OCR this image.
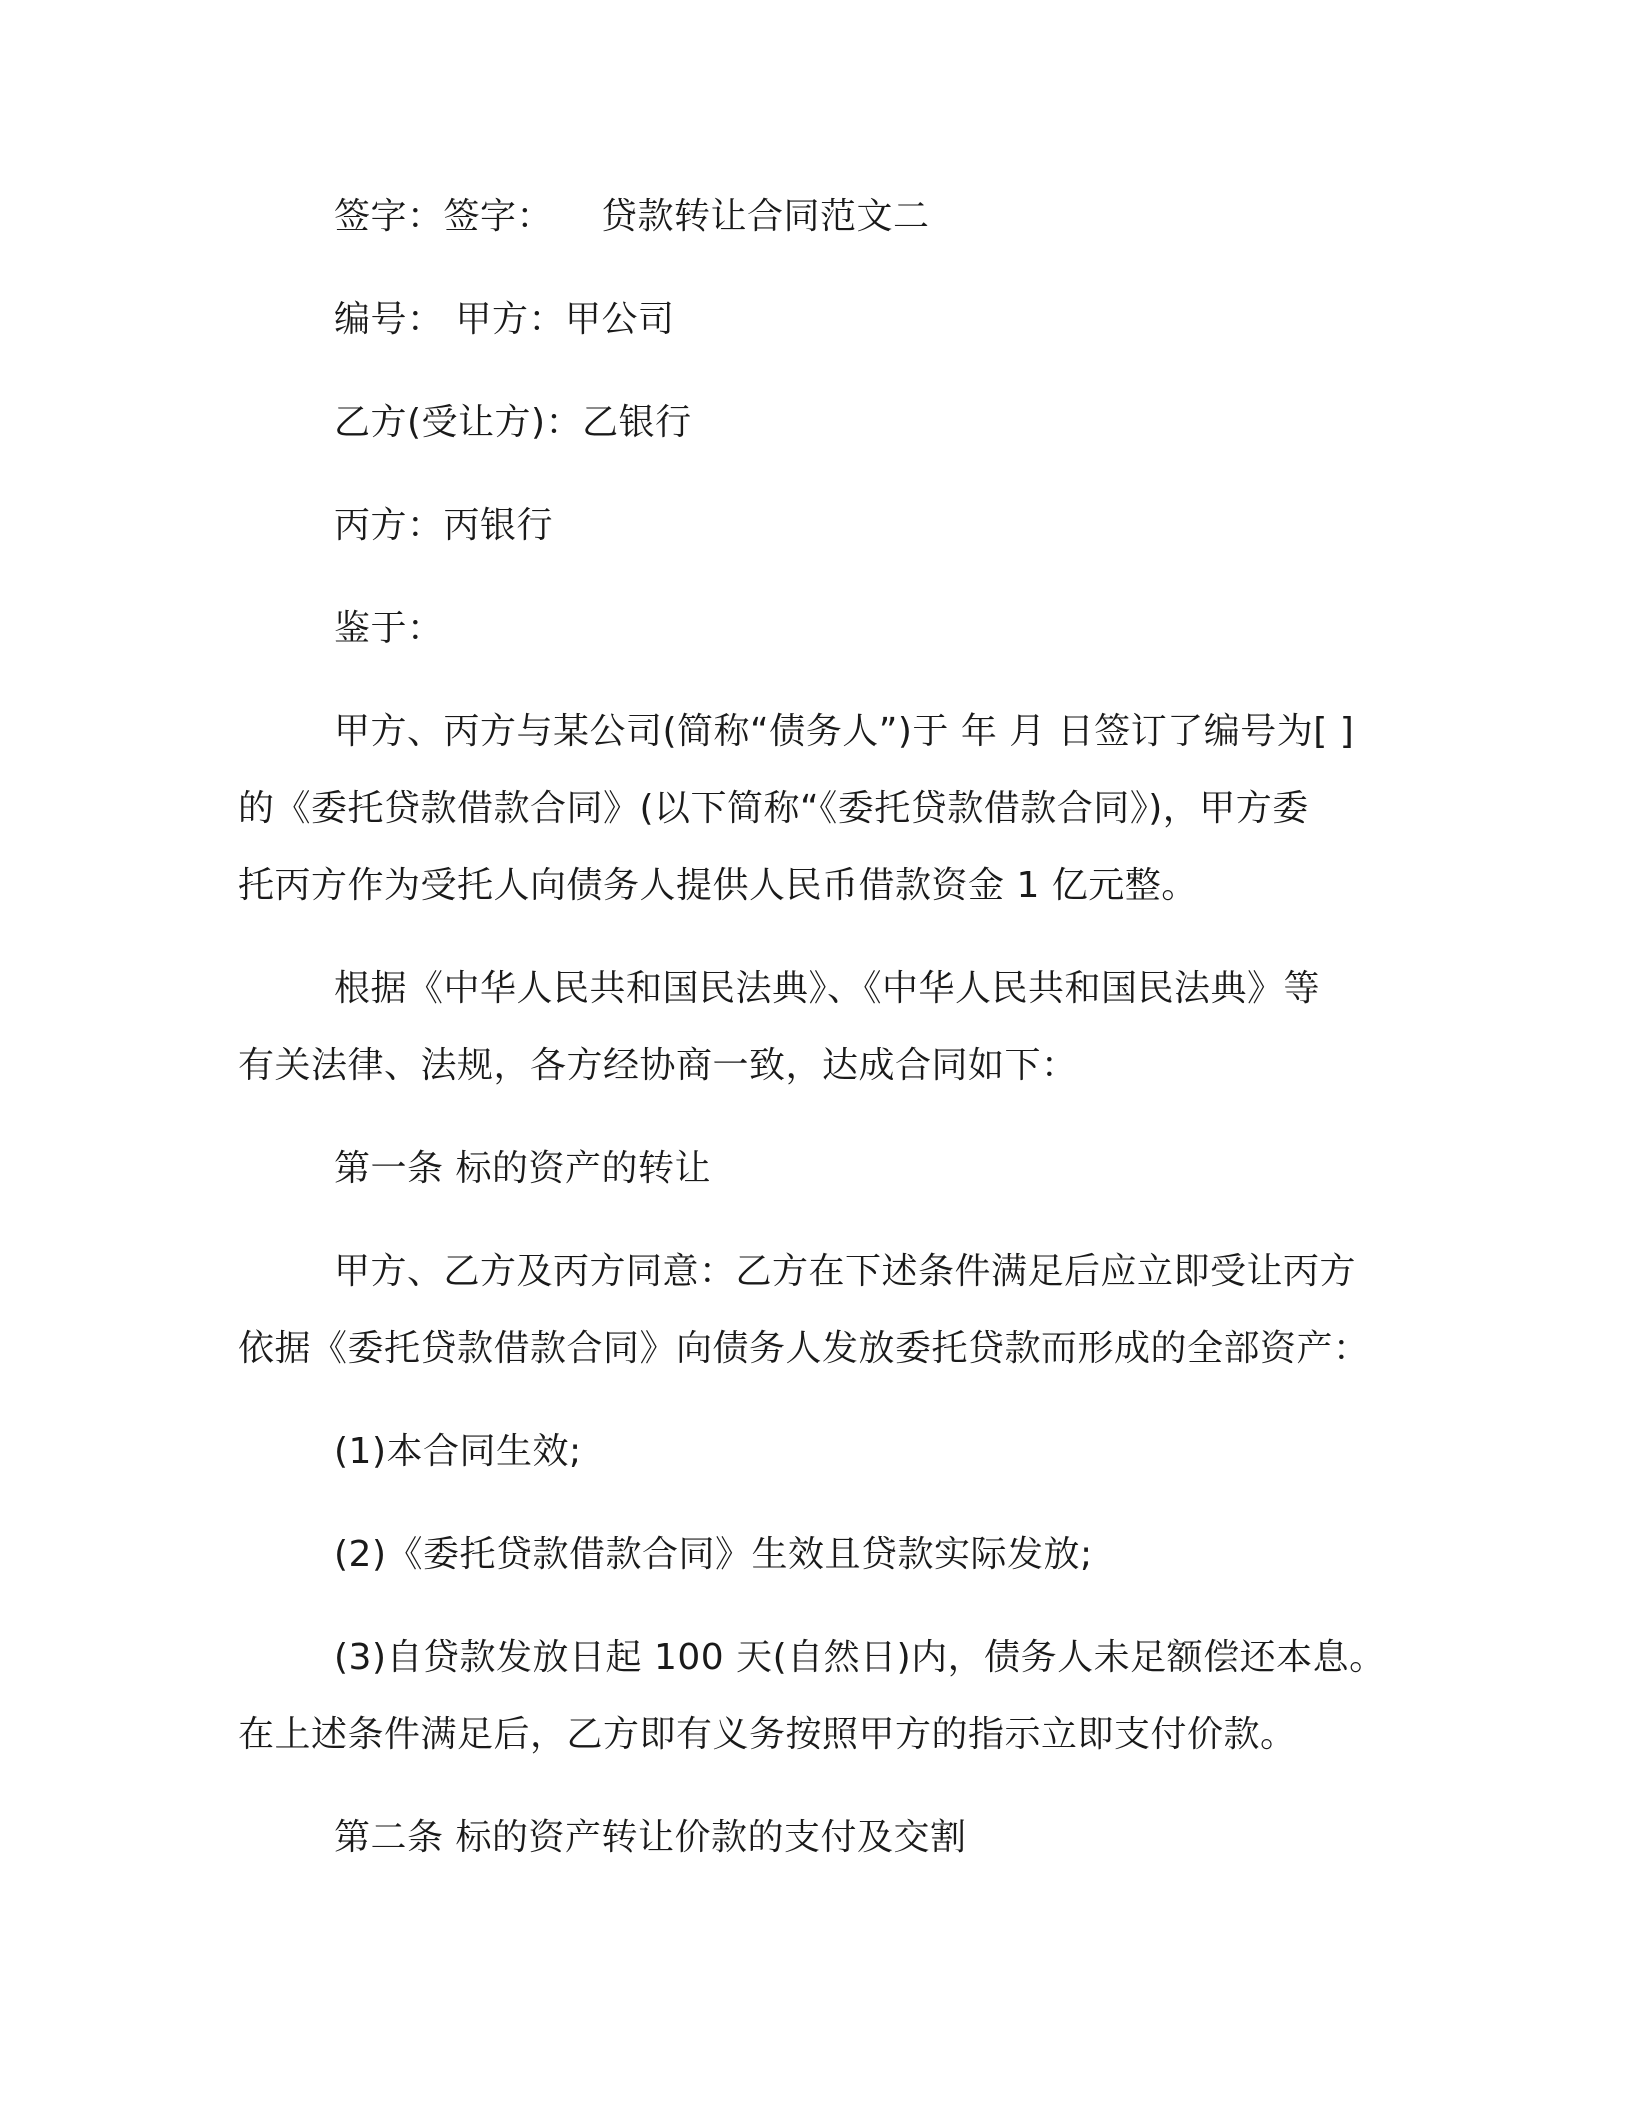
签字：签字： 贷款转让合同范文二
编号： 甲方：甲公司
乙方(受让方)：乙银行
丙方：丙银行
鉴于：
甲方、丙方与某公司(简称“债务人”)于 年 月 日签订了编号为[ ]
的《委托贷款借款合同》(以下简称“《委托贷款借款合同》)，甲方委
托丙方作为受托人向债务人提供人民币借款资金 1 亿元整。
根据《中华人民共和国民法典》、《中华人民共和国民法典》等
有关法律、法规，各方经协商一致，达成合同如下：
第一条 标的资产的转让
甲方、乙方及丙方同意：乙方在下述条件满足后应立即受让丙方
依据《委托贷款借款合同》向债务人发放委托贷款而形成的全部资产：
(1)本合同生效;
(2)《委托贷款借款合同》生效且贷款实际发放;
(3)自贷款发放日起 100 天(自然日)内，债务人未足额偿还本息。
在上述条件满足后，乙方即有义务按照甲方的指示立即支付价款。
第二条 标的资产转让价款的支付及交割
